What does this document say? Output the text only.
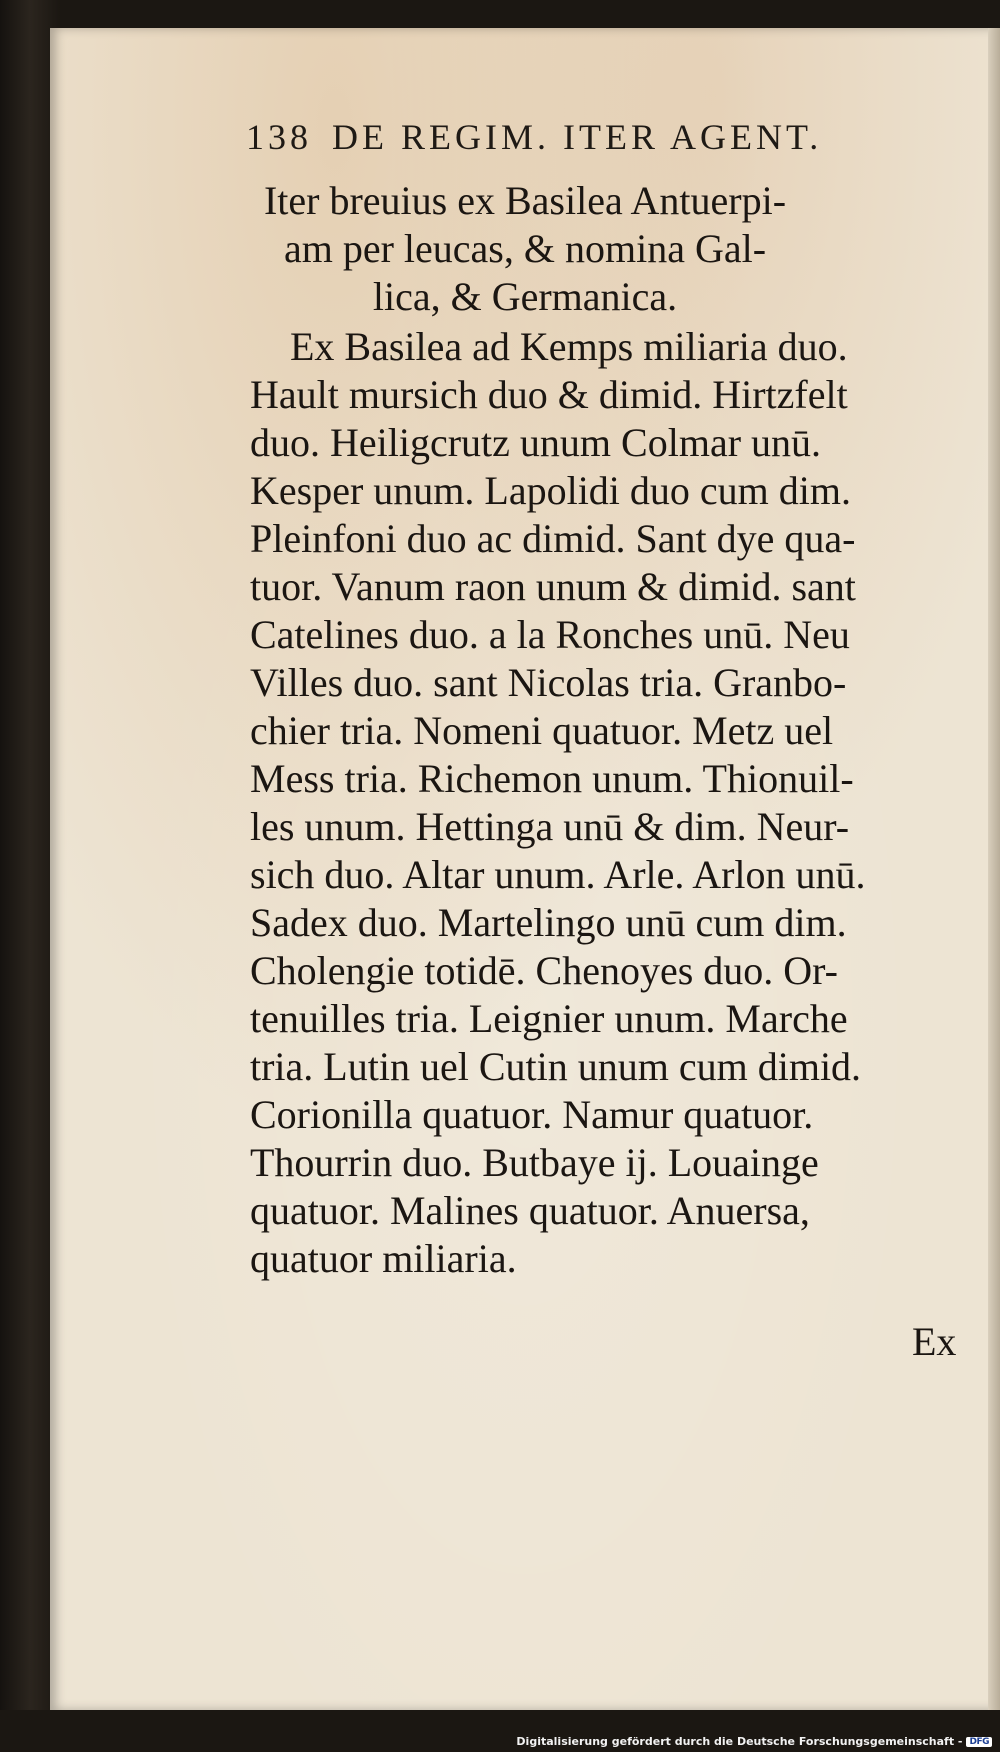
138 DE REGIM. ITER AGENT.
Iter breuius ex Basilea Antuerpi-
am per leucas, & nomina Gal-
lica, & Germanica.
Ex Basilea ad Kemps miliaria duo.
Hault mursich duo & dimid. Hirtzfelt
duo. Heiligcrutz unum Colmar unū.
Kesper unum. Lapolidi duo cum dim.
Pleinfoni duo ac dimid. Sant dye qua-
tuor. Vanum raon unum & dimid. sant
Catelines duo. a la Ronches unū. Neu
Villes duo. sant Nicolas tria. Granbo-
chier tria. Nomeni quatuor. Metz uel
Mess tria. Richemon unum. Thionuil-
les unum. Hettinga unū & dim. Neur-
sich duo. Altar unum. Arle. Arlon unū.
Sadex duo. Martelingo unū cum dim.
Cholengie totidē. Chenoyes duo. Or-
tenuilles tria. Leignier unum. Marche
tria. Lutin uel Cutin unum cum dimid.
Corionilla quatuor. Namur quatuor.
Thourrin duo. Butbaye ij. Louainge
quatuor. Malines quatuor. Anuersa,
quatuor miliaria.
Ex
Digitalisierung gefördert durch die Deutsche Forschungsgemeinschaft - DFG
